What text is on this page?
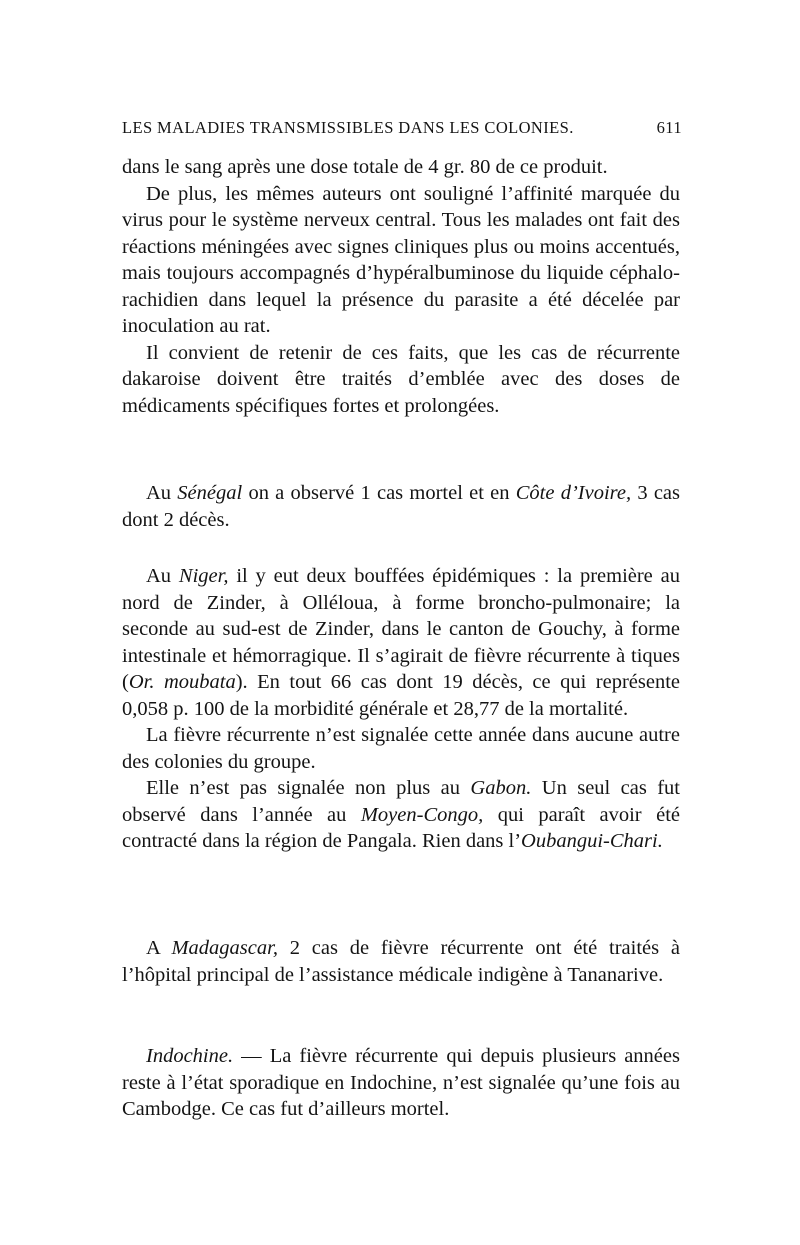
LES MALADIES TRANSMISSIBLES DANS LES COLONIES.	611

dans le sang après une dose totale de 4 gr. 80 de ce produit.

De plus, les mêmes auteurs ont souligné l’affinité marquée du virus pour le système nerveux central. Tous les malades ont fait des réactions méningées avec signes cliniques plus ou moins accentués, mais toujours accompagnés d’hypéralbuminose du liquide céphalo-rachidien dans lequel la présence du parasite a été décelée par inoculation au rat.

Il convient de retenir de ces faits, que les cas de récurrente dakaroise doivent être traités d’emblée avec des doses de médicaments spécifiques fortes et prolongées.

Au Sénégal on a observé 1 cas mortel et en Côte d’Ivoire, 3 cas dont 2 décès.

Au Niger, il y eut deux bouffées épidémiques : la première au nord de Zinder, à Olléloua, à forme broncho-pulmonaire; la seconde au sud-est de Zinder, dans le canton de Gouchy, à forme intestinale et hémorragique. Il s’agirait de fièvre récurrente à tiques (Or. moubata). En tout 66 cas dont 19 décès, ce qui représente 0,058 p. 100 de la morbidité générale et 28,77 de la mortalité.

La fièvre récurrente n’est signalée cette année dans aucune autre des colonies du groupe.

Elle n’est pas signalée non plus au Gabon. Un seul cas fut observé dans l’année au Moyen-Congo, qui paraît avoir été contracté dans la région de Pangala. Rien dans l’Oubangui-Chari.

A Madagascar, 2 cas de fièvre récurrente ont été traités à l’hôpital principal de l’assistance médicale indigène à Tananarive.

Indochine. — La fièvre récurrente qui depuis plusieurs années reste à l’état sporadique en Indochine, n’est signalée qu’une fois au Cambodge. Ce cas fut d’ailleurs mortel.
